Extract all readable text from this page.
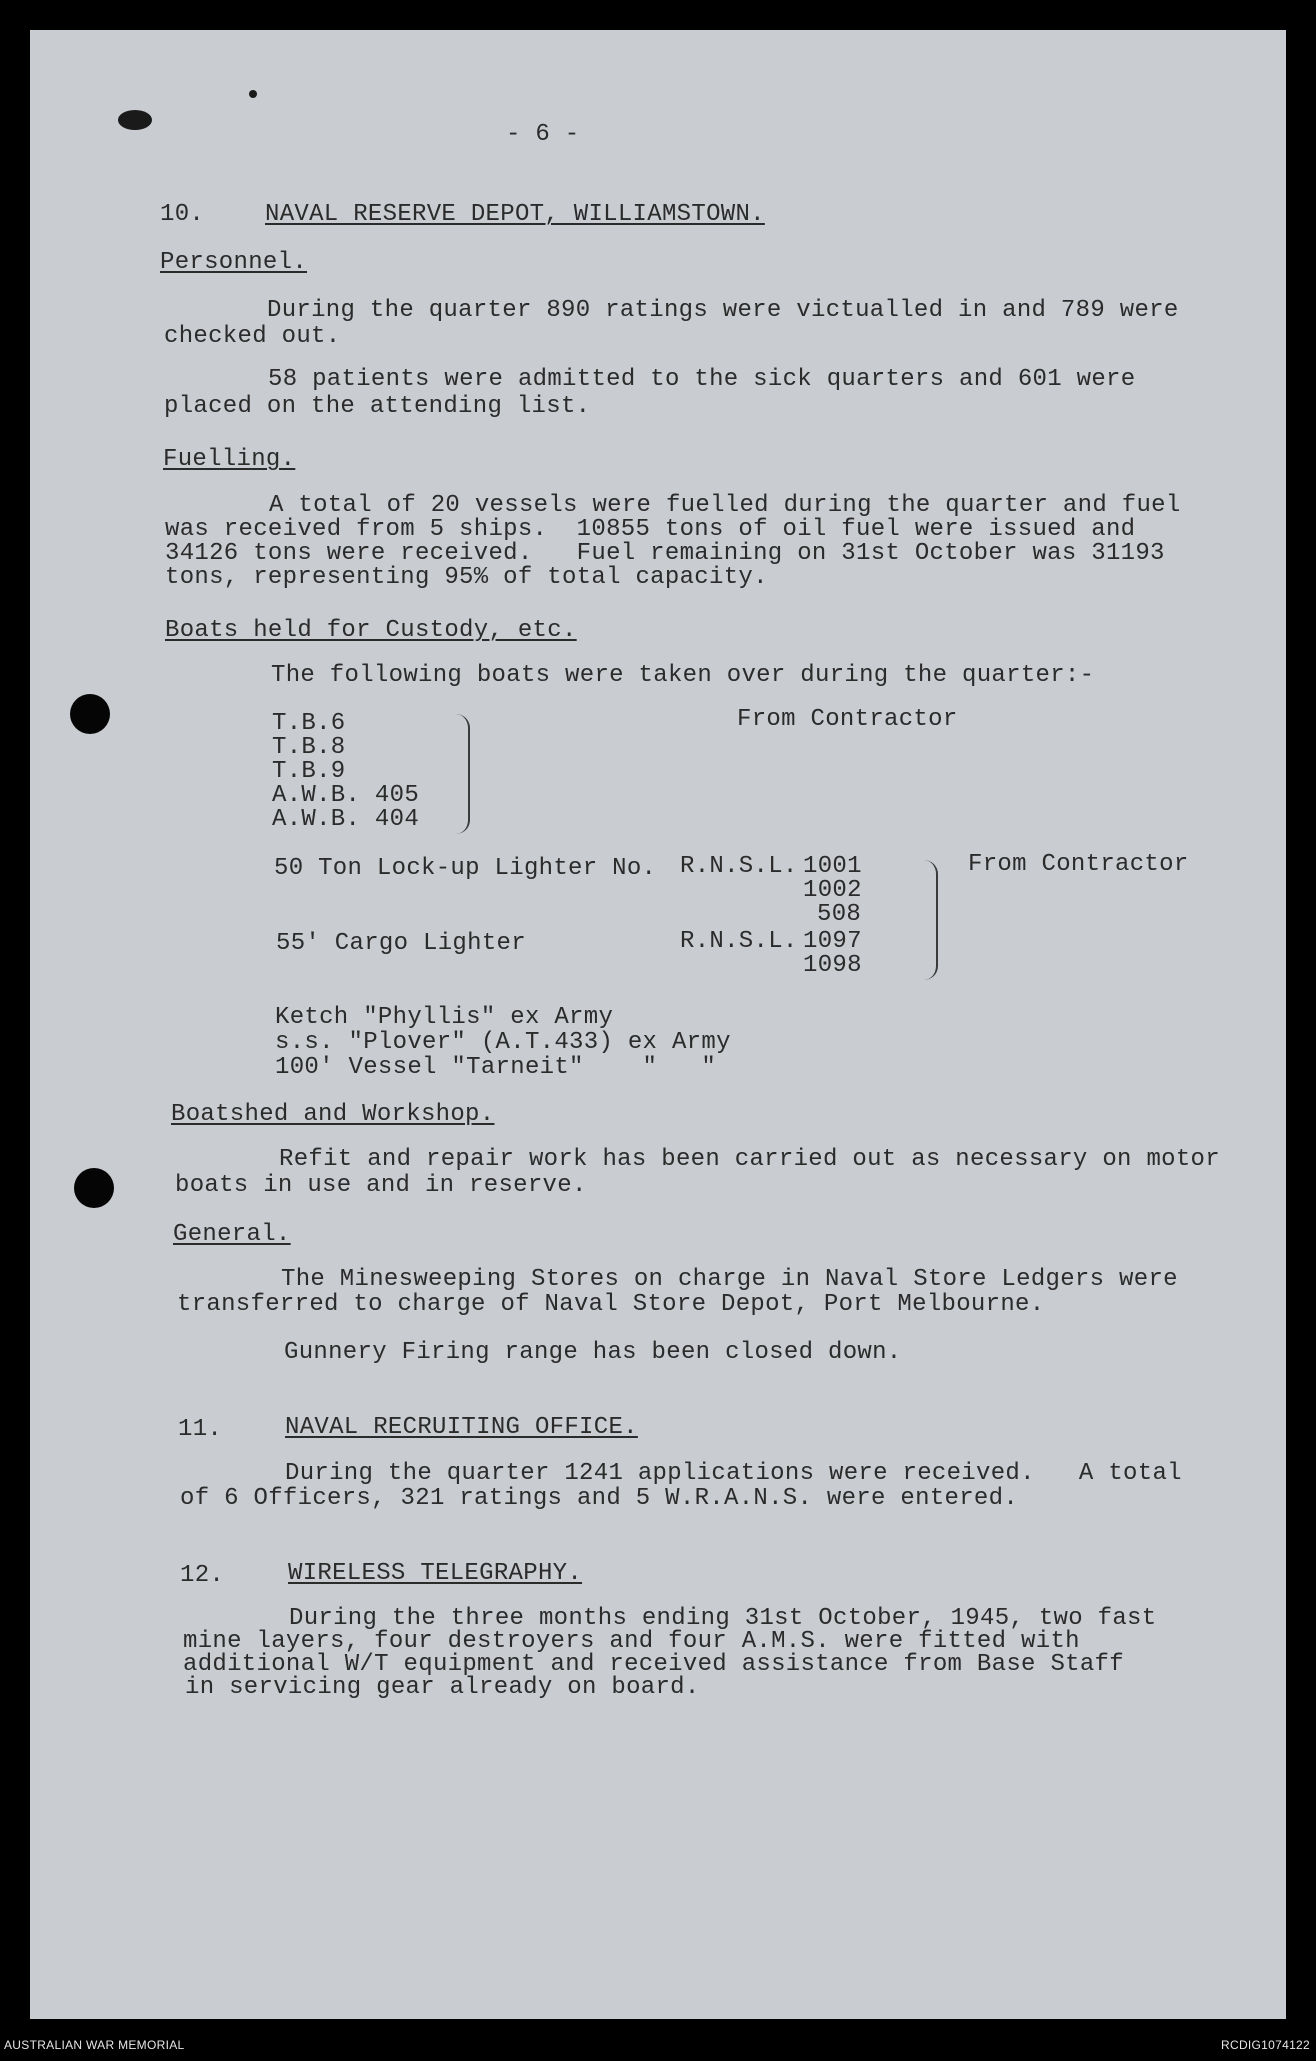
- 6 -
10.	NAVAL RESERVE DEPOT, WILLIAMSTOWN.
Personnel.
During the quarter 890 ratings were victualled in and 789 were
checked out.
58 patients were admitted to the sick quarters and 601 were
placed on the attending list.
Fuelling.
A total of 20 vessels were fuelled during the quarter and fuel
was received from 5 ships.  10855 tons of oil fuel were issued and
34126 tons were received.   Fuel remaining on 31st October was 31193
tons, representing 95% of total capacity.
Boats held for Custody, etc.
The following boats were taken over during the quarter:-
T.B.6
T.B.8
T.B.9
A.W.B. 405
A.W.B. 404
From Contractor
50 Ton Lock-up Lighter No. R.N.S.L. 1001
1002
508
55' Cargo Lighter	R.N.S.L. 1097
1098
From Contractor
Ketch "Phyllis" ex Army
s.s. "Plover" (A.T.433) ex Army
100' Vessel "Tarneit"    "   "
Boatshed and Workshop.
Refit and repair work has been carried out as necessary on motor
boats in use and in reserve.
General.
The Minesweeping Stores on charge in Naval Store Ledgers were
transferred to charge of Naval Store Depot, Port Melbourne.
Gunnery Firing range has been closed down.
11.	NAVAL RECRUITING OFFICE.
During the quarter 1241 applications were received.   A total
of 6 Officers, 321 ratings and 5 W.R.A.N.S. were entered.
12.	WIRELESS TELEGRAPHY.
During the three months ending 31st October, 1945, two fast
mine layers, four destroyers and four A.M.S. were fitted with
additional W/T equipment and received assistance from Base Staff
in servicing gear already on board.
AUSTRALIAN WAR MEMORIAL	RCDIG1074122
